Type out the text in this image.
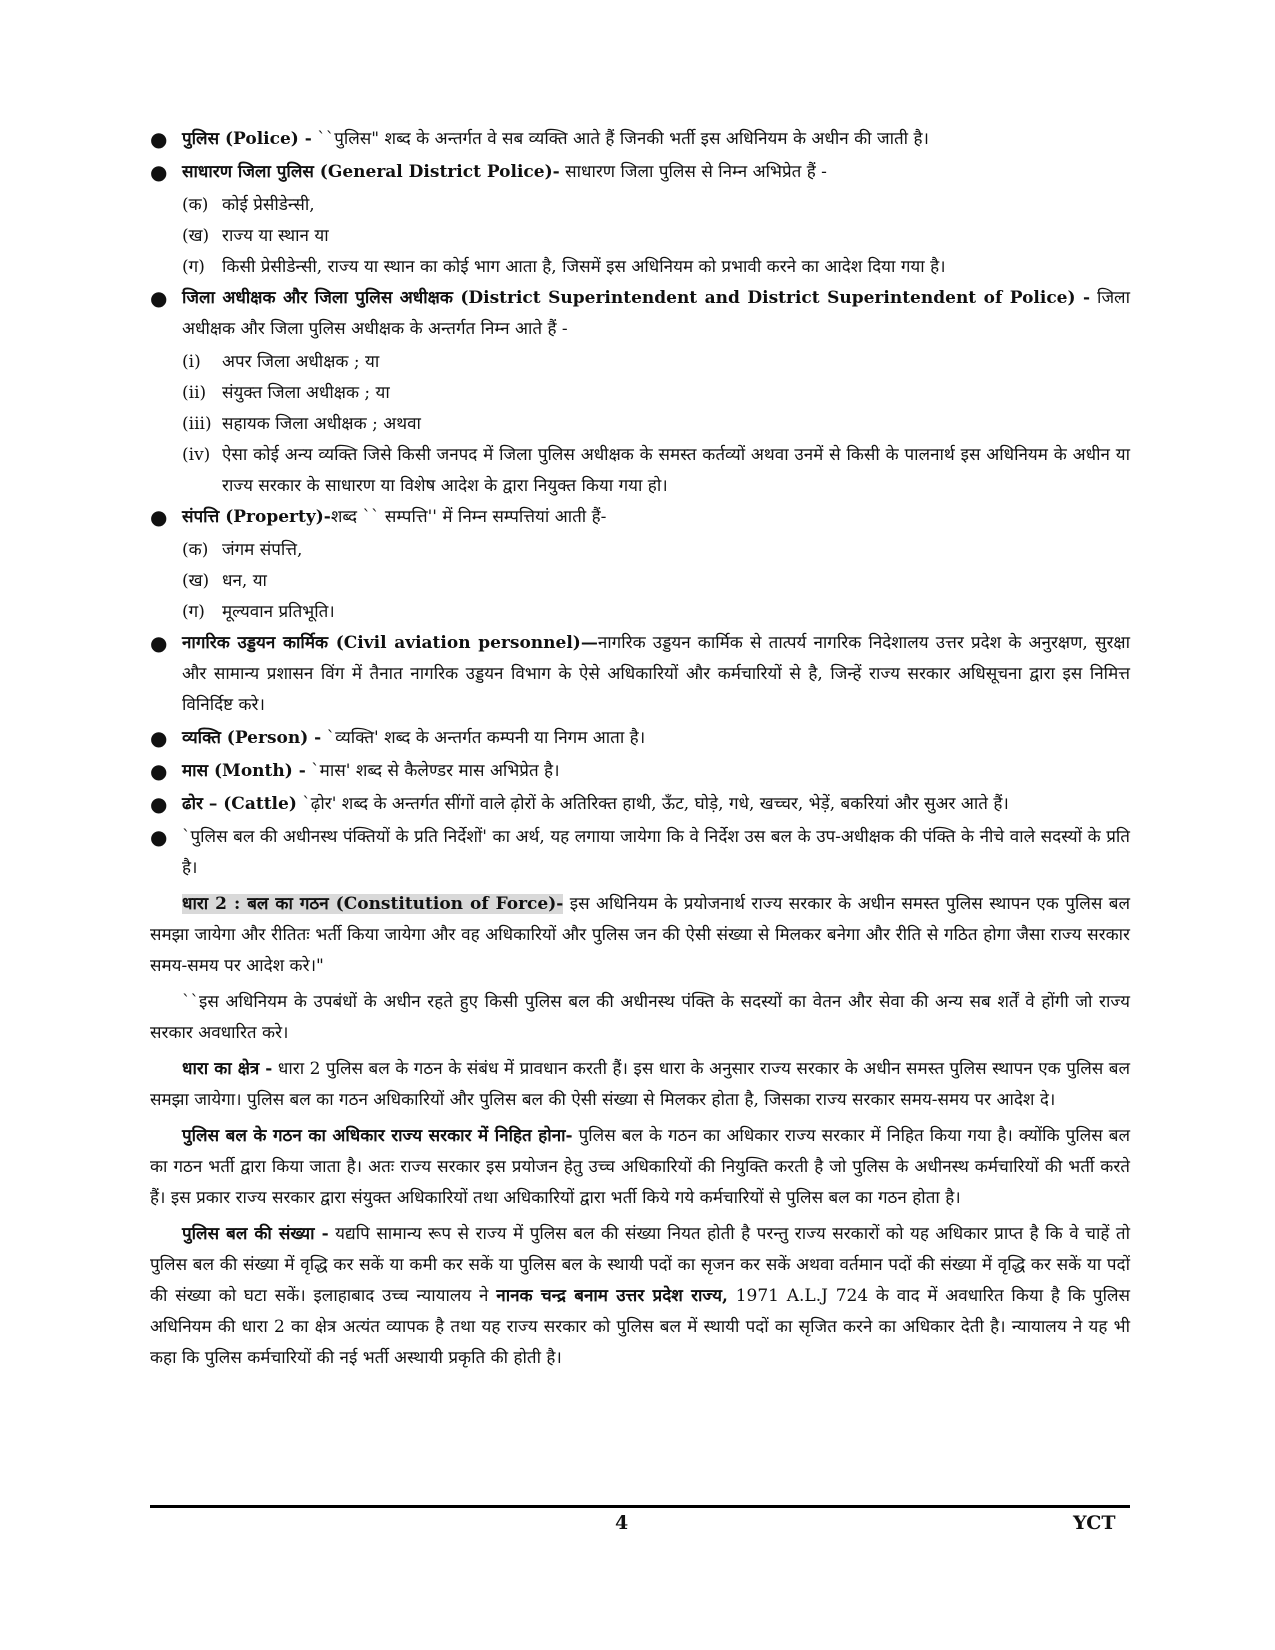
● पुलिस (Police) - ``पुलिस" शब्द के अन्तर्गत वे सब व्यक्ति आते हैं जिनकी भर्ती इस अधिनियम के अधीन की जाती है।
● साधारण जिला पुलिस (General District Police)- साधारण जिला पुलिस से निम्न अभिप्रेत हैं -
(क) कोई प्रेसीडेन्सी,
(ख) राज्य या स्थान या
(ग) किसी प्रेसीडेन्सी, राज्य या स्थान का कोई भाग आता है, जिसमें इस अधिनियम को प्रभावी करने का आदेश दिया गया है।
● जिला अधीक्षक और जिला पुलिस अधीक्षक (District Superintendent and District Superintendent of Police) - जिला अधीक्षक और जिला पुलिस अधीक्षक के अन्तर्गत निम्न आते हैं -
(i) अपर जिला अधीक्षक ; या
(ii) संयुक्त जिला अधीक्षक ; या
(iii) सहायक जिला अधीक्षक ; अथवा
(iv) ऐसा कोई अन्य व्यक्ति जिसे किसी जनपद में जिला पुलिस अधीक्षक के समस्त कर्तव्यों अथवा उनमें से किसी के पालनार्थ इस अधिनियम के अधीन या राज्य सरकार के साधारण या विशेष आदेश के द्वारा नियुक्त किया गया हो।
● संपत्ति (Property)-शब्द `` सम्पत्ति'' में निम्न सम्पत्तियां आती हैं-
(क) जंगम संपत्ति,
(ख) धन, या
(ग) मूल्यवान प्रतिभूति।
● नागरिक उड्डयन कार्मिक (Civil aviation personnel)—नागरिक उड्डयन कार्मिक से तात्पर्य नागरिक निदेशालय उत्तर प्रदेश के अनुरक्षण, सुरक्षा और सामान्य प्रशासन विंग में तैनात नागरिक उड्डयन विभाग के ऐसे अधिकारियों और कर्मचारियों से है, जिन्हें राज्य सरकार अधिसूचना द्वारा इस निमित्त विनिर्दिष्ट करे।
● व्यक्ति (Person) - `व्यक्ति' शब्द के अन्तर्गत कम्पनी या निगम आता है।
● मास (Month) - `मास' शब्द से कैलेण्डर मास अभिप्रेत है।
● ढोर – (Cattle) `ढ़ोर' शब्द के अन्तर्गत सींगों वाले ढ़ोरों के अतिरिक्त हाथी, ऊँट, घोड़े, गधे, खच्चर, भेड़ें, बकरियां और सुअर आते हैं।
● `पुलिस बल की अधीनस्थ पंक्तियों के प्रति निर्देशों' का अर्थ, यह लगाया जायेगा कि वे निर्देश उस बल के उप-अधीक्षक की पंक्ति के नीचे वाले सदस्यों के प्रति है।
धारा 2 : बल का गठन (Constitution of Force)- इस अधिनियम के प्रयोजनार्थ राज्य सरकार के अधीन समस्त पुलिस स्थापन एक पुलिस बल समझा जायेगा और रीतितः भर्ती किया जायेगा और वह अधिकारियों और पुलिस जन की ऐसी संख्या से मिलकर बनेगा और रीति से गठित होगा जैसा राज्य सरकार समय-समय पर आदेश करे।"
``इस अधिनियम के उपबंधों के अधीन रहते हुए किसी पुलिस बल की अधीनस्थ पंक्ति के सदस्यों का वेतन और सेवा की अन्य सब शर्तें वे होंगी जो राज्य सरकार अवधारित करे।
धारा का क्षेत्र - धारा 2 पुलिस बल के गठन के संबंध में प्रावधान करती हैं। इस धारा के अनुसार राज्य सरकार के अधीन समस्त पुलिस स्थापन एक पुलिस बल समझा जायेगा। पुलिस बल का गठन अधिकारियों और पुलिस बल की ऐसी संख्या से मिलकर होता है, जिसका राज्य सरकार समय-समय पर आदेश दे।
पुलिस बल के गठन का अधिकार राज्य सरकार में निहित होना- पुलिस बल के गठन का अधिकार राज्य सरकार में निहित किया गया है। क्योंकि पुलिस बल का गठन भर्ती द्वारा किया जाता है। अतः राज्य सरकार इस प्रयोजन हेतु उच्च अधिकारियों की नियुक्ति करती है जो पुलिस के अधीनस्थ कर्मचारियों की भर्ती करते हैं। इस प्रकार राज्य सरकार द्वारा संयुक्त अधिकारियों तथा अधिकारियों द्वारा भर्ती किये गये कर्मचारियों से पुलिस बल का गठन होता है।
पुलिस बल की संख्या - यद्यपि सामान्य रूप से राज्य में पुलिस बल की संख्या नियत होती है परन्तु राज्य सरकारों को यह अधिकार प्राप्त है कि वे चाहें तो पुलिस बल की संख्या में वृद्धि कर सकें या कमी कर सकें या पुलिस बल के स्थायी पदों का सृजन कर सकें अथवा वर्तमान पदों की संख्या में वृद्धि कर सकें या पदों की संख्या को घटा सकें। इलाहाबाद उच्च न्यायालय ने नानक चन्द्र बनाम उत्तर प्रदेश राज्य, 1971 A.L.J 724 के वाद में अवधारित किया है कि पुलिस अधिनियम की धारा 2 का क्षेत्र अत्यंत व्यापक है तथा यह राज्य सरकार को पुलिस बल में स्थायी पदों का सृजित करने का अधिकार देती है। न्यायालय ने यह भी कहा कि पुलिस कर्मचारियों की नई भर्ती अस्थायी प्रकृति की होती है।
4	YCT
